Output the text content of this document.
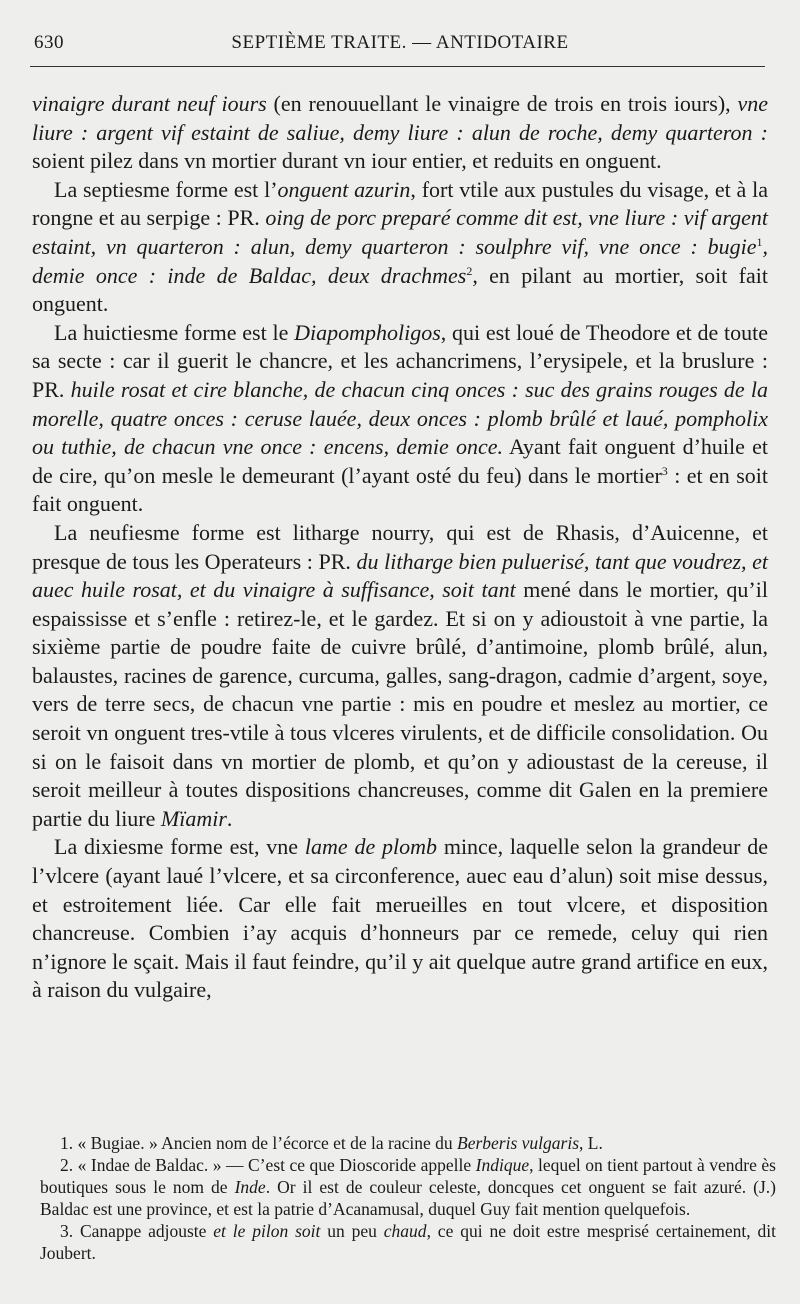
630	SEPTIÈME TRAITE. — ANTIDOTAIRE

vinaigre durant neuf iours (en renouuellant le vinaigre de trois en trois iours), vne liure : argent vif estaint de saliue, demy liure : alun de roche, demy quarteron : soient pilez dans vn mortier durant vn iour entier, et reduits en onguent.

La septiesme forme est l’onguent azurin, fort vtile aux pustules du visage, et à la rongne et au serpige : PR. oing de porc preparé comme dit est, vne liure : vif argent estaint, vn quarteron : alun, demy quarteron : soulphre vif, vne once : bugie$^1$, demie once : inde de Baldac, deux drachmes$^2$, en pilant au mortier, soit fait onguent.

La huictiesme forme est le Diapompholigos, qui est loué de Theodore et de toute sa secte : car il guerit le chancre, et les achancrimens, l’erysipele, et la bruslure : PR. huile rosat et cire blanche, de chacun cinq onces : suc des grains rouges de la morelle, quatre onces : ceruse lauée, deux onces : plomb brûlé et laué, pompholix ou tuthie, de chacun vne once : encens, demie once. Ayant fait onguent d’huile et de cire, qu’on mesle le demeurant (l’ayant osté du feu) dans le mortier$^3$ : et en soit fait onguent.

La neufiesme forme est litharge nourry, qui est de Rhasis, d’Auicenne, et presque de tous les Operateurs : PR. du litharge bien puluerisé, tant que voudrez, et auec huile rosat, et du vinaigre à suffisance, soit tant mené dans le mortier, qu’il espaississe et s’enfle : retirez-le, et le gardez. Et si on y adioustoit à vne partie, la sixième partie de poudre faite de cuivre brûlé, d’antimoine, plomb brûlé, alun, balaustes, racines de garence, curcuma, galles, sang-dragon, cadmie d’argent, soye, vers de terre secs, de chacun vne partie : mis en poudre et meslez au mortier, ce seroit vn onguent tres-vtile à tous vlceres virulents, et de difficile consolidation. Ou si on le faisoit dans vn mortier de plomb, et qu’on y adioustast de la cereuse, il seroit meilleur à toutes dispositions chancreuses, comme dit Galen en la premiere partie du liure Mïamir.

La dixiesme forme est, vne lame de plomb mince, laquelle selon la grandeur de l’vlcere (ayant laué l’vlcere, et sa circonference, auec eau d’alun) soit mise dessus, et estroitement liée. Car elle fait merueilles en tout vlcere, et disposition chancreuse. Combien i’ay acquis d’honneurs par ce remede, celuy qui rien n’ignore le sçait. Mais il faut feindre, qu’il y ait quelque autre grand artifice en eux, à raison du vulgaire,

1. « Bugiae. » Ancien nom de l’écorce et de la racine du Berberis vulgaris, L.

2. « Indae de Baldac. » — C’est ce que Dioscoride appelle Indique, lequel on tient partout à vendre ès boutiques sous le nom de Inde. Or il est de couleur celeste, doncques cet onguent se fait azuré. (J.) Baldac est une province, et est la patrie d’Acanamusal, duquel Guy fait mention quelquefois.

3. Canappe adjouste et le pilon soit un peu chaud, ce qui ne doit estre mesprisé certainement, dit Joubert.
